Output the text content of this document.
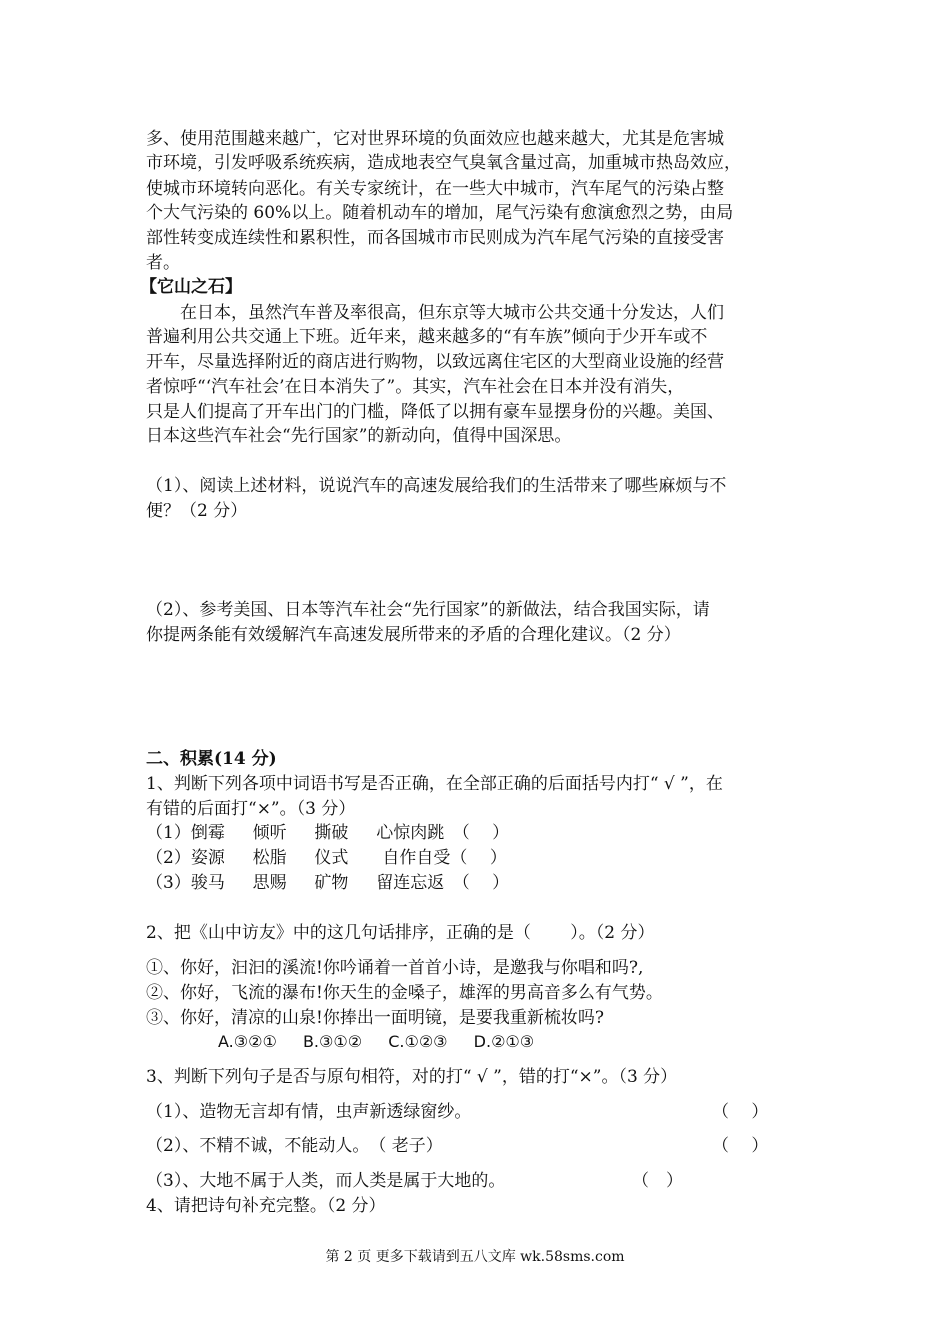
多、使用范围越来越广，它对世界环境的负面效应也越来越大，尤其是危害城
市环境，引发呼吸系统疾病，造成地表空气臭氧含量过高，加重城市热岛效应，
使城市环境转向恶化。有关专家统计，在一些大中城市，汽车尾气的污染占整
个大气污染的 60%以上。随着机动车的增加，尾气污染有愈演愈烈之势，由局
部性转变成连续性和累积性，而各国城市市民则成为汽车尾气污染的直接受害
者。
【它山之石】
　　在日本，虽然汽车普及率很高，但东京等大城市公共交通十分发达，人们
普遍利用公共交通上下班。近年来，越来越多的“有车族”倾向于少开车或不
开车，尽量选择附近的商店进行购物，以致远离住宅区的大型商业设施的经营
者惊呼“‘汽车社会’在日本消失了”。其实，汽车社会在日本并没有消失，
只是人们提高了开车出门的门槛，降低了以拥有豪车显摆身份的兴趣。美国、
日本这些汽车社会“先行国家”的新动向，值得中国深思。
（1）、阅读上述材料，说说汽车的高速发展给我们的生活带来了哪些麻烦与不
便？（2 分）
（2）、参考美国、日本等汽车社会“先行国家”的新做法，结合我国实际，请
你提两条能有效缓解汽车高速发展所带来的矛盾的合理化建议。（2 分）
二、积累(14 分)
1、判断下列各项中词语书写是否正确，在全部正确的后面括号内打“ √ ”，在
有错的后面打“×”。（3 分）
（1）倒霉　  倾听　  撕破　  心惊肉跳　（　 ）
（2）姿源　  松脂　  仪式　　自作自受（　 ）
（3）骏马　  思赐　  矿物　  留连忘返　（　 ）
2、把《山中访友》中的这几句话排序，正确的是（　　 ）。（2 分）
①、你好，汩汩的溪流!你吟诵着一首首小诗，是邀我与你唱和吗?,
②、你好，飞流的瀑布!你天生的金嗓子，雄浑的男高音多么有气势。
③、你好，清凉的山泉!你捧出一面明镜，是要我重新梳妆吗?
A.③②①　  B.③①②　  C.①②③　  D.②①③
3、判断下列句子是否与原句相符，对的打“ √ ”，错的打“×”。（3 分）
（1）、造物无言却有情，虫声新透绿窗纱。	（　 ）
（2）、不精不诚，不能动人。　（ 老子）	（　 ）
（3）、大地不属于人类，而人类是属于大地的。	（　）
4、请把诗句补充完整。（2 分）
第 2 页 更多下载请到五八文库 wk.58sms.com
